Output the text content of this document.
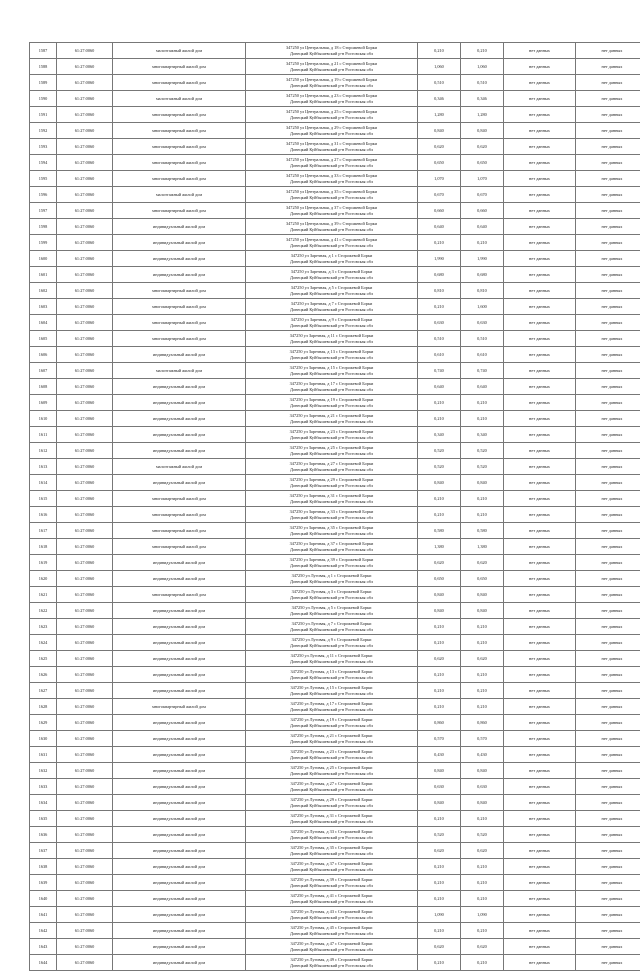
1587	61:27:0060	малоэтажный жилой дом	347250 ул Центральная, д 18 с Сторожевой Борки
Донецкий Куйбышевский р-н Ростовская обл	0,210	0,210	нет данных	нет данных
1588	61:27:0060	многоквартирный жилой дом	347250 ул Центральная, д 21 с Сторожевой Борки
Донецкий Куйбышевский р-н Ростовская обл	1,060	1,060	нет данных	нет данных
1589	61:27:0060	многоквартирный жилой дом	347250 ул Центральная, д 19 с Сторожевой Борки
Донецкий Куйбышевский р-н Ростовская обл	0,510	0,510	нет данных	нет данных
1590	61:27:0060	малоэтажный жилой дом	347250 ул Центральная, д 23 с Сторожевой Борки
Донецкий Куйбышевский р-н Ростовская обл	0,346	0,346	нет данных	нет данных
1591	61:27:0060	многоквартирный жилой дом	347250 ул Центральная, д 25 с Сторожевой Борки
Донецкий Куйбышевский р-н Ростовская обл	1,280	1,280	нет данных	нет данных
1592	61:27:0060	многоквартирный жилой дом	347250 ул Центральная, д 29 с Сторожевой Борки
Донецкий Куйбышевский р-н Ростовская обл	0,840	0,840	нет данных	нет данных
1593	61:27:0060	многоквартирный жилой дом	347250 ул Центральная, д 31 с Сторожевой Борки
Донецкий Куйбышевский р-н Ростовская обл	0,620	0,620	нет данных	нет данных
1594	61:27:0060	многоквартирный жилой дом	347250 ул Центральная, д 27 с Сторожевой Борки
Донецкий Куйбышевский р-н Ростовская обл	0,650	0,650	нет данных	нет данных
1595	61:27:0060	многоквартирный жилой дом	347250 ул Центральная, д 33 с Сторожевой Борки
Донецкий Куйбышевский р-н Ростовская обл	1,070	1,070	нет данных	нет данных
1596	61:27:0060	малоэтажный жилой дом	347250 ул Центральная, д 35 с Сторожевой Борки
Донецкий Куйбышевский р-н Ростовская обл	0,670	0,670	нет данных	нет данных
1597	61:27:0060	многоквартирный жилой дом	347250 ул Центральная, д 37 с Сторожевой Борки
Донецкий Куйбышевский р-н Ростовская обл	0,660	0,660	нет данных	нет данных
1598	61:27:0060	индивидуальный жилой дом	347250 ул Центральная, д 39 с Сторожевой Борки
Донецкий Куйбышевский р-н Ростовская обл	0,640	0,640	нет данных	нет данных
1599	61:27:0060	индивидуальный жилой дом	347250 ул Центральная, д 41 с Сторожевой Борки
Донецкий Куйбышевский р-н Ростовская обл	0,210	0,210	нет данных	нет данных
1600	61:27:0060	индивидуальный жилой дом	347250 ул Заречная, д 1 с Сторожевой Борки
Донецкий Куйбышевский р-н Ростовская обл	1,990	1,990	нет данных	нет данных
1601	61:27:0060	индивидуальный жилой дом	347250 ул Заречная, д 3 с Сторожевой Борки
Донецкий Куйбышевский р-н Ростовская обл	0,680	0,680	нет данных	нет данных
1602	61:27:0060	многоквартирный жилой дом	347250 ул Заречная, д 5 с Сторожевой Борки
Донецкий Куйбышевский р-н Ростовская обл	0,810	0,810	нет данных	нет данных
1603	61:27:0060	многоквартирный жилой дом	347250 ул Заречная, д 7 с Сторожевой Борки
Донецкий Куйбышевский р-н Ростовская обл	0,210	1,600	нет данных	нет данных
1604	61:27:0060	многоквартирный жилой дом	347250 ул Заречная, д 9 с Сторожевой Борки
Донецкий Куйбышевский р-н Ростовская обл	0,630	0,630	нет данных	нет данных
1605	61:27:0060	многоквартирный жилой дом	347250 ул Заречная, д 11 с Сторожевой Борки
Донецкий Куйбышевский р-н Ростовская обл	0,510	0,510	нет данных	нет данных
1606	61:27:0060	индивидуальный жилой дом	347250 ул Заречная, д 13 с Сторожевой Борки
Донецкий Куйбышевский р-н Ростовская обл	0,610	0,610	нет данных	нет данных
1607	61:27:0060	малоэтажный жилой дом	347250 ул Заречная, д 15 с Сторожевой Борки
Донецкий Куйбышевский р-н Ростовская обл	0,740	0,740	нет данных	нет данных
1608	61:27:0060	индивидуальный жилой дом	347250 ул Заречная, д 17 с Сторожевой Борки
Донецкий Куйбышевский р-н Ростовская обл	0,640	0,640	нет данных	нет данных
1609	61:27:0060	индивидуальный жилой дом	347250 ул Заречная, д 19 с Сторожевой Борки
Донецкий Куйбышевский р-н Ростовская обл	0,210	0,210	нет данных	нет данных
1610	61:27:0060	индивидуальный жилой дом	347250 ул Заречная, д 21 с Сторожевой Борки
Донецкий Куйбышевский р-н Ростовская обл	0,210	0,210	нет данных	нет данных
1611	61:27:0060	индивидуальный жилой дом	347250 ул Заречная, д 23 с Сторожевой Борки
Донецкий Куйбышевский р-н Ростовская обл	0,340	0,340	нет данных	нет данных
1612	61:27:0060	индивидуальный жилой дом	347250 ул Заречная, д 25 с Сторожевой Борки
Донецкий Куйбышевский р-н Ростовская обл	0,520	0,520	нет данных	нет данных
1613	61:27:0060	малоэтажный жилой дом	347250 ул Заречная, д 27 с Сторожевой Борки
Донецкий Куйбышевский р-н Ростовская обл	0,520	0,520	нет данных	нет данных
1614	61:27:0060	индивидуальный жилой дом	347250 ул Заречная, д 29 с Сторожевой Борки
Донецкий Куйбышевский р-н Ростовская обл	0,840	0,840	нет данных	нет данных
1615	61:27:0060	многоквартирный жилой дом	347250 ул Заречная, д 31 с Сторожевой Борки
Донецкий Куйбышевский р-н Ростовская обл	0,210	0,210	нет данных	нет данных
1616	61:27:0060	многоквартирный жилой дом	347250 ул Заречная, д 33 с Сторожевой Борки
Донецкий Куйбышевский р-н Ростовская обл	0,210	0,210	нет данных	нет данных
1617	61:27:0060	многоквартирный жилой дом	347250 ул Заречная, д 35 с Сторожевой Борки
Донецкий Куйбышевский р-н Ростовская обл	0,580	0,580	нет данных	нет данных
1618	61:27:0060	многоквартирный жилой дом	347250 ул Заречная, д 37 с Сторожевой Борки
Донецкий Куйбышевский р-н Ростовская обл	1,380	1,380	нет данных	нет данных
1619	61:27:0060	индивидуальный жилой дом	347250 ул Заречная, д 39 с Сторожевой Борки
Донецкий Куйбышевский р-н Ростовская обл	0,620	0,620	нет данных	нет данных
1620	61:27:0060	индивидуальный жилой дом	347250 ул Луговая, д 1 с Сторожевой Борки
Донецкий Куйбышевский р-н Ростовская обл	0,650	0,650	нет данных	нет данных
1621	61:27:0060	многоквартирный жилой дом	347250 ул Луговая, д 3 с Сторожевой Борки
Донецкий Куйбышевский р-н Ростовская обл	0,840	0,840	нет данных	нет данных
1622	61:27:0060	индивидуальный жилой дом	347250 ул Луговая, д 5 с Сторожевой Борки
Донецкий Куйбышевский р-н Ростовская обл	0,840	0,840	нет данных	нет данных
1623	61:27:0060	индивидуальный жилой дом	347250 ул Луговая, д 7 с Сторожевой Борки
Донецкий Куйбышевский р-н Ростовская обл	0,210	0,210	нет данных	нет данных
1624	61:27:0060	индивидуальный жилой дом	347250 ул Луговая, д 9 с Сторожевой Борки
Донецкий Куйбышевский р-н Ростовская обл	0,210	0,210	нет данных	нет данных
1625	61:27:0060	индивидуальный жилой дом	347250 ул Луговая, д 11 с Сторожевой Борки
Донецкий Куйбышевский р-н Ростовская обл	0,620	0,620	нет данных	нет данных
1626	61:27:0060	индивидуальный жилой дом	347250 ул Луговая, д 13 с Сторожевой Борки
Донецкий Куйбышевский р-н Ростовская обл	0,210	0,210	нет данных	нет данных
1627	61:27:0060	индивидуальный жилой дом	347250 ул Луговая, д 15 с Сторожевой Борки
Донецкий Куйбышевский р-н Ростовская обл	0,210	0,210	нет данных	нет данных
1628	61:27:0060	многоквартирный жилой дом	347250 ул Луговая, д 17 с Сторожевой Борки
Донецкий Куйбышевский р-н Ростовская обл	0,210	0,210	нет данных	нет данных
1629	61:27:0060	индивидуальный жилой дом	347250 ул Луговая, д 19 с Сторожевой Борки
Донецкий Куйбышевский р-н Ростовская обл	0,860	0,860	нет данных	нет данных
1630	61:27:0060	индивидуальный жилой дом	347250 ул Луговая, д 21 с Сторожевой Борки
Донецкий Куйбышевский р-н Ростовская обл	0,570	0,570	нет данных	нет данных
1631	61:27:0060	индивидуальный жилой дом	347250 ул Луговая, д 23 с Сторожевой Борки
Донецкий Куйбышевский р-н Ростовская обл	0,430	0,430	нет данных	нет данных
1632	61:27:0060	индивидуальный жилой дом	347250 ул Луговая, д 25 с Сторожевой Борки
Донецкий Куйбышевский р-н Ростовская обл	0,840	0,840	нет данных	нет данных
1633	61:27:0060	индивидуальный жилой дом	347250 ул Луговая, д 27 с Сторожевой Борки
Донецкий Куйбышевский р-н Ростовская обл	0,630	0,630	нет данных	нет данных
1634	61:27:0060	индивидуальный жилой дом	347250 ул Луговая, д 29 с Сторожевой Борки
Донецкий Куйбышевский р-н Ростовская обл	0,840	0,840	нет данных	нет данных
1635	61:27:0060	индивидуальный жилой дом	347250 ул Луговая, д 31 с Сторожевой Борки
Донецкий Куйбышевский р-н Ростовская обл	0,210	0,210	нет данных	нет данных
1636	61:27:0060	индивидуальный жилой дом	347250 ул Луговая, д 33 с Сторожевой Борки
Донецкий Куйбышевский р-н Ростовская обл	0,520	0,520	нет данных	нет данных
1637	61:27:0060	индивидуальный жилой дом	347250 ул Луговая, д 35 с Сторожевой Борки
Донецкий Куйбышевский р-н Ростовская обл	0,620	0,620	нет данных	нет данных
1638	61:27:0060	индивидуальный жилой дом	347250 ул Луговая, д 37 с Сторожевой Борки
Донецкий Куйбышевский р-н Ростовская обл	0,210	0,210	нет данных	нет данных
1639	61:27:0060	индивидуальный жилой дом	347250 ул Луговая, д 39 с Сторожевой Борки
Донецкий Куйбышевский р-н Ростовская обл	0,210	0,210	нет данных	нет данных
1640	61:27:0060	индивидуальный жилой дом	347250 ул Луговая, д 41 с Сторожевой Борки
Донецкий Куйбышевский р-н Ростовская обл	0,210	0,210	нет данных	нет данных
1641	61:27:0060	индивидуальный жилой дом	347250 ул Луговая, д 43 с Сторожевой Борки
Донецкий Куйбышевский р-н Ростовская обл	1,090	1,090	нет данных	нет данных
1642	61:27:0060	индивидуальный жилой дом	347250 ул Луговая, д 45 с Сторожевой Борки
Донецкий Куйбышевский р-н Ростовская обл	0,210	0,210	нет данных	нет данных
1643	61:27:0060	индивидуальный жилой дом	347250 ул Луговая, д 47 с Сторожевой Борки
Донецкий Куйбышевский р-н Ростовская обл	0,620	0,620	нет данных	нет данных
1644	61:27:0060	индивидуальный жилой дом	347250 ул Луговая, д 49 с Сторожевой Борки
Донецкий Куйбышевский р-н Ростовская обл	0,210	0,210	нет данных	нет данных
